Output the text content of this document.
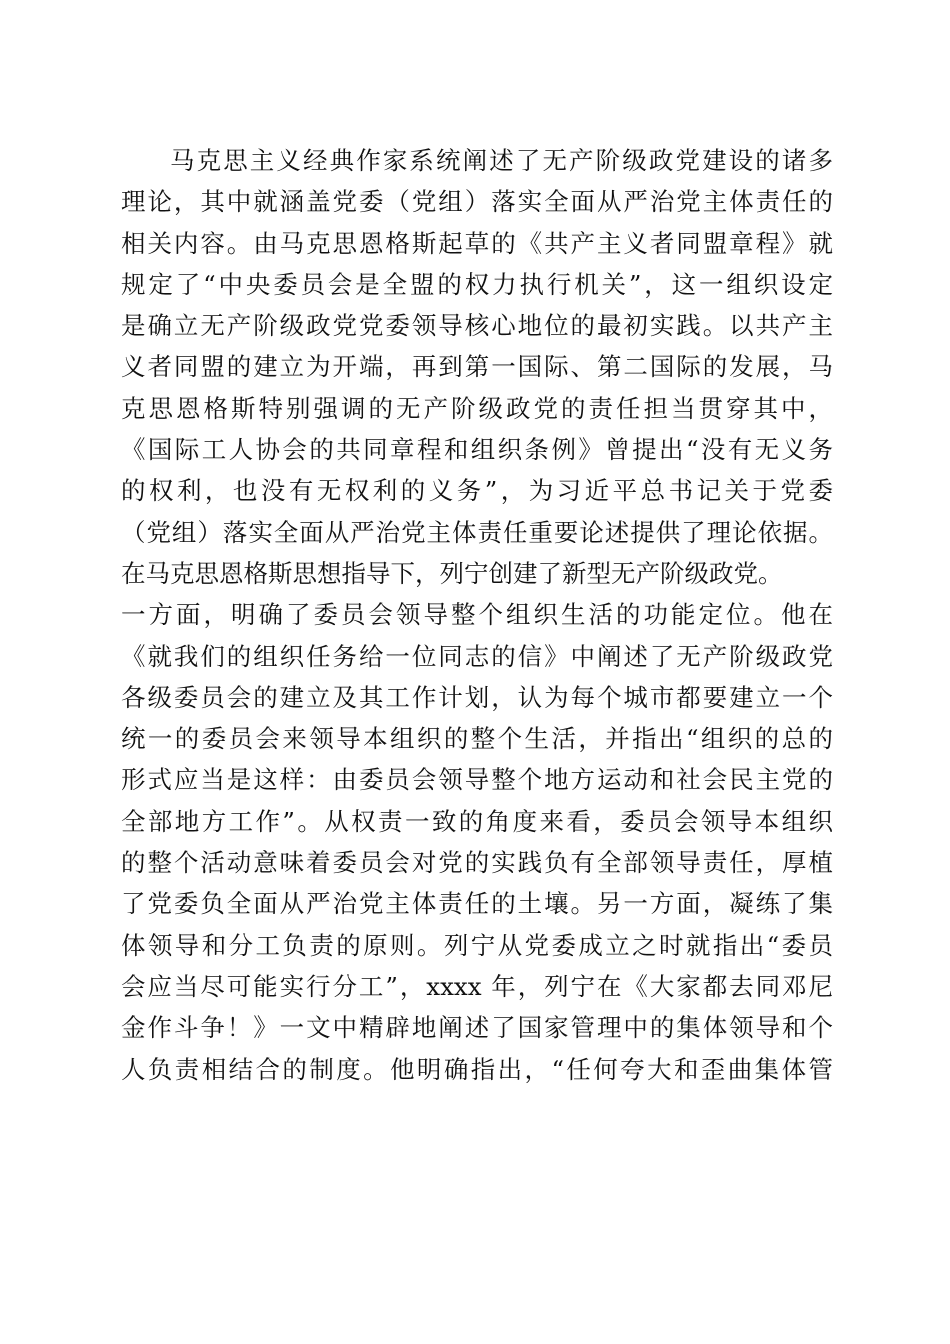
马克思主义经典作家系统阐述了无产阶级政党建设的诸多
理论，其中就涵盖党委（党组）落实全面从严治党主体责任的
相关内容。由马克思恩格斯起草的《共产主义者同盟章程》就
规定了“中央委员会是全盟的权力执行机关”，这一组织设定
是确立无产阶级政党党委领导核心地位的最初实践。以共产主
义者同盟的建立为开端，再到第一国际、第二国际的发展，马
克思恩格斯特别强调的无产阶级政党的责任担当贯穿其中，
《国际工人协会的共同章程和组织条例》曾提出“没有无义务
的权利，也没有无权利的义务”，为习近平总书记关于党委
（党组）落实全面从严治党主体责任重要论述提供了理论依据。
在马克思恩格斯思想指导下，列宁创建了新型无产阶级政党。
一方面，明确了委员会领导整个组织生活的功能定位。他在
《就我们的组织任务给一位同志的信》中阐述了无产阶级政党
各级委员会的建立及其工作计划，认为每个城市都要建立一个
统一的委员会来领导本组织的整个生活，并指出“组织的总的
形式应当是这样：由委员会领导整个地方运动和社会民主党的
全部地方工作”。从权责一致的角度来看，委员会领导本组织
的整个活动意味着委员会对党的实践负有全部领导责任，厚植
了党委负全面从严治党主体责任的土壤。另一方面，凝练了集
体领导和分工负责的原则。列宁从党委成立之时就指出“委员
会应当尽可能实行分工”，xxxx 年，列宁在《大家都去同邓尼
金作斗争！》一文中精辟地阐述了国家管理中的集体领导和个
人负责相结合的制度。他明确指出，“任何夸大和歪曲集体管
